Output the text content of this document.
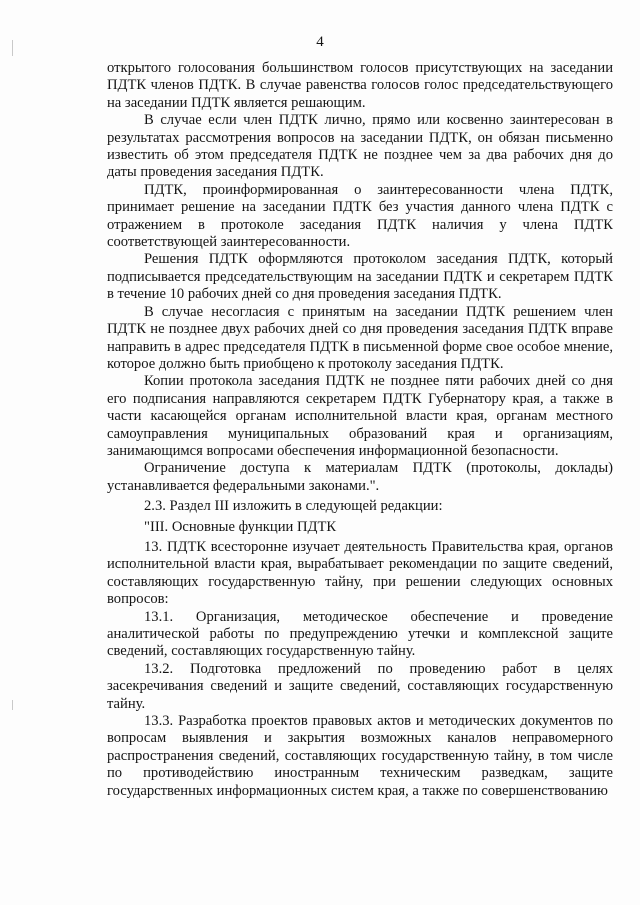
4

открытого голосования большинством голосов присутствующих на заседании ПДТК членов ПДТК. В случае равенства голосов голос председательствующего на заседании ПДТК является решающим.

В случае если член ПДТК лично, прямо или косвенно заинтересован в результатах рассмотрения вопросов на заседании ПДТК, он обязан письменно известить об этом председателя ПДТК не позднее чем за два рабочих дня до даты проведения заседания ПДТК.

ПДТК, проинформированная о заинтересованности члена ПДТК, принимает решение на заседании ПДТК без участия данного члена ПДТК с отражением в протоколе заседания ПДТК наличия у члена ПДТК соответствующей заинтересованности.

Решения ПДТК оформляются протоколом заседания ПДТК, который подписывается председательствующим на заседании ПДТК и секретарем ПДТК в течение 10 рабочих дней со дня проведения заседания ПДТК.

В случае несогласия с принятым на заседании ПДТК решением член ПДТК не позднее двух рабочих дней со дня проведения заседания ПДТК вправе направить в адрес председателя ПДТК в письменной форме свое особое мнение, которое должно быть приобщено к протоколу заседания ПДТК.

Копии протокола заседания ПДТК не позднее пяти рабочих дней со дня его подписания направляются секретарем ПДТК Губернатору края, а также в части касающейся органам исполнительной власти края, органам местного самоуправления муниципальных образований края и организациям, занимающимся вопросами обеспечения информационной безопасности.

Ограничение доступа к материалам ПДТК (протоколы, доклады) устанавливается федеральными законами.".

2.3. Раздел III изложить в следующей редакции:

"III. Основные функции ПДТК

13. ПДТК всесторонне изучает деятельность Правительства края, органов исполнительной власти края, вырабатывает рекомендации по защите сведений, составляющих государственную тайну, при решении следующих основных вопросов:

13.1. Организация, методическое обеспечение и проведение аналитической работы по предупреждению утечки и комплексной защите сведений, составляющих государственную тайну.

13.2. Подготовка предложений по проведению работ в целях засекречивания сведений и защите сведений, составляющих государственную тайну.

13.3. Разработка проектов правовых актов и методических документов по вопросам выявления и закрытия возможных каналов неправомерного распространения сведений, составляющих государственную тайну, в том числе по противодействию иностранным техническим разведкам, защите государственных информационных систем края, а также по совершенствованию
